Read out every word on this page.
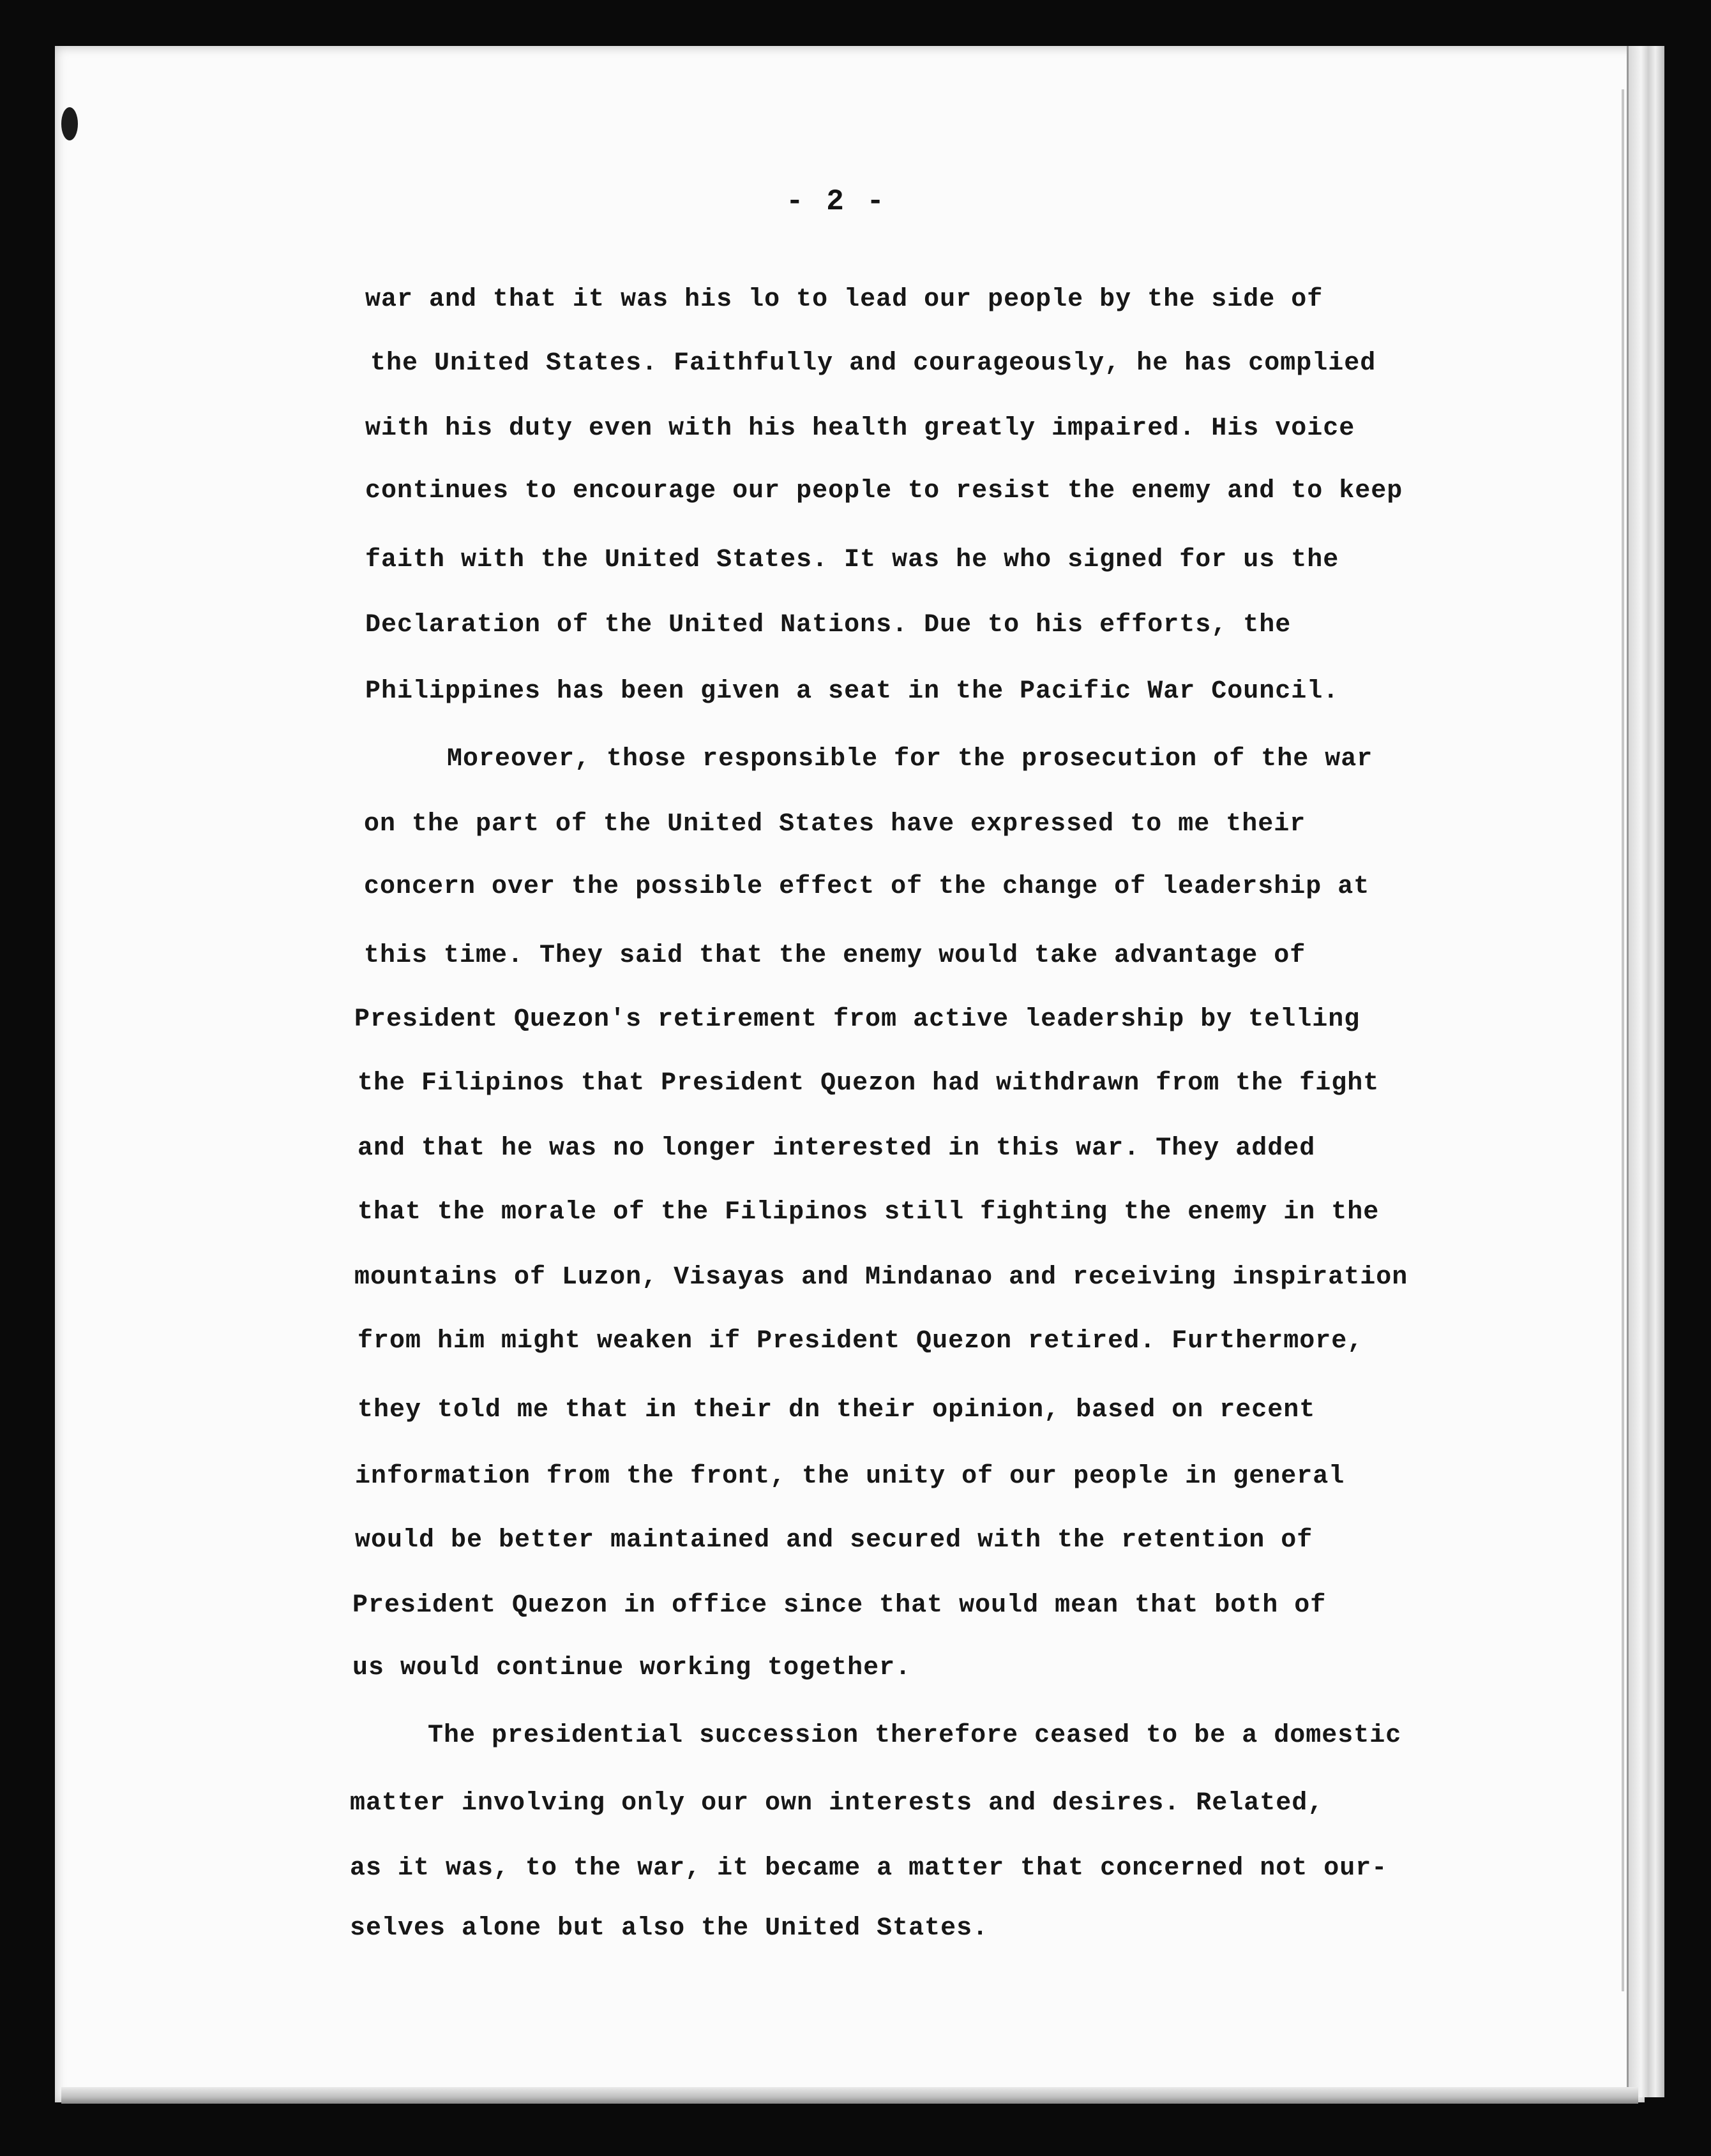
- 2 -
war and that it was his lo to lead our people by the side of
the United States. Faithfully and courageously, he has complied
with his duty even with his health greatly impaired. His voice
continues to encourage our people to resist the enemy and to keep
faith with the United States. It was he who signed for us the
Declaration of the United Nations. Due to his efforts, the
Philippines has been given a seat in the Pacific War Council.
Moreover, those responsible for the prosecution of the war
on the part of the United States have expressed to me their
concern over the possible effect of the change of leadership at
this time. They said that the enemy would take advantage of
President Quezon's retirement from active leadership by telling
the Filipinos that President Quezon had withdrawn from the fight
and that he was no longer interested in this war. They added
that the morale of the Filipinos still fighting the enemy in the
mountains of Luzon, Visayas and Mindanao and receiving inspiration
from him might weaken if President Quezon retired. Furthermore,
they told me that in their dn their opinion, based on recent
information from the front, the unity of our people in general
would be better maintained and secured with the retention of
President Quezon in office since that would mean that both of
us would continue working together.
The presidential succession therefore ceased to be a domestic
matter involving only our own interests and desires. Related,
as it was, to the war, it became a matter that concerned not our-
selves alone but also the United States.
